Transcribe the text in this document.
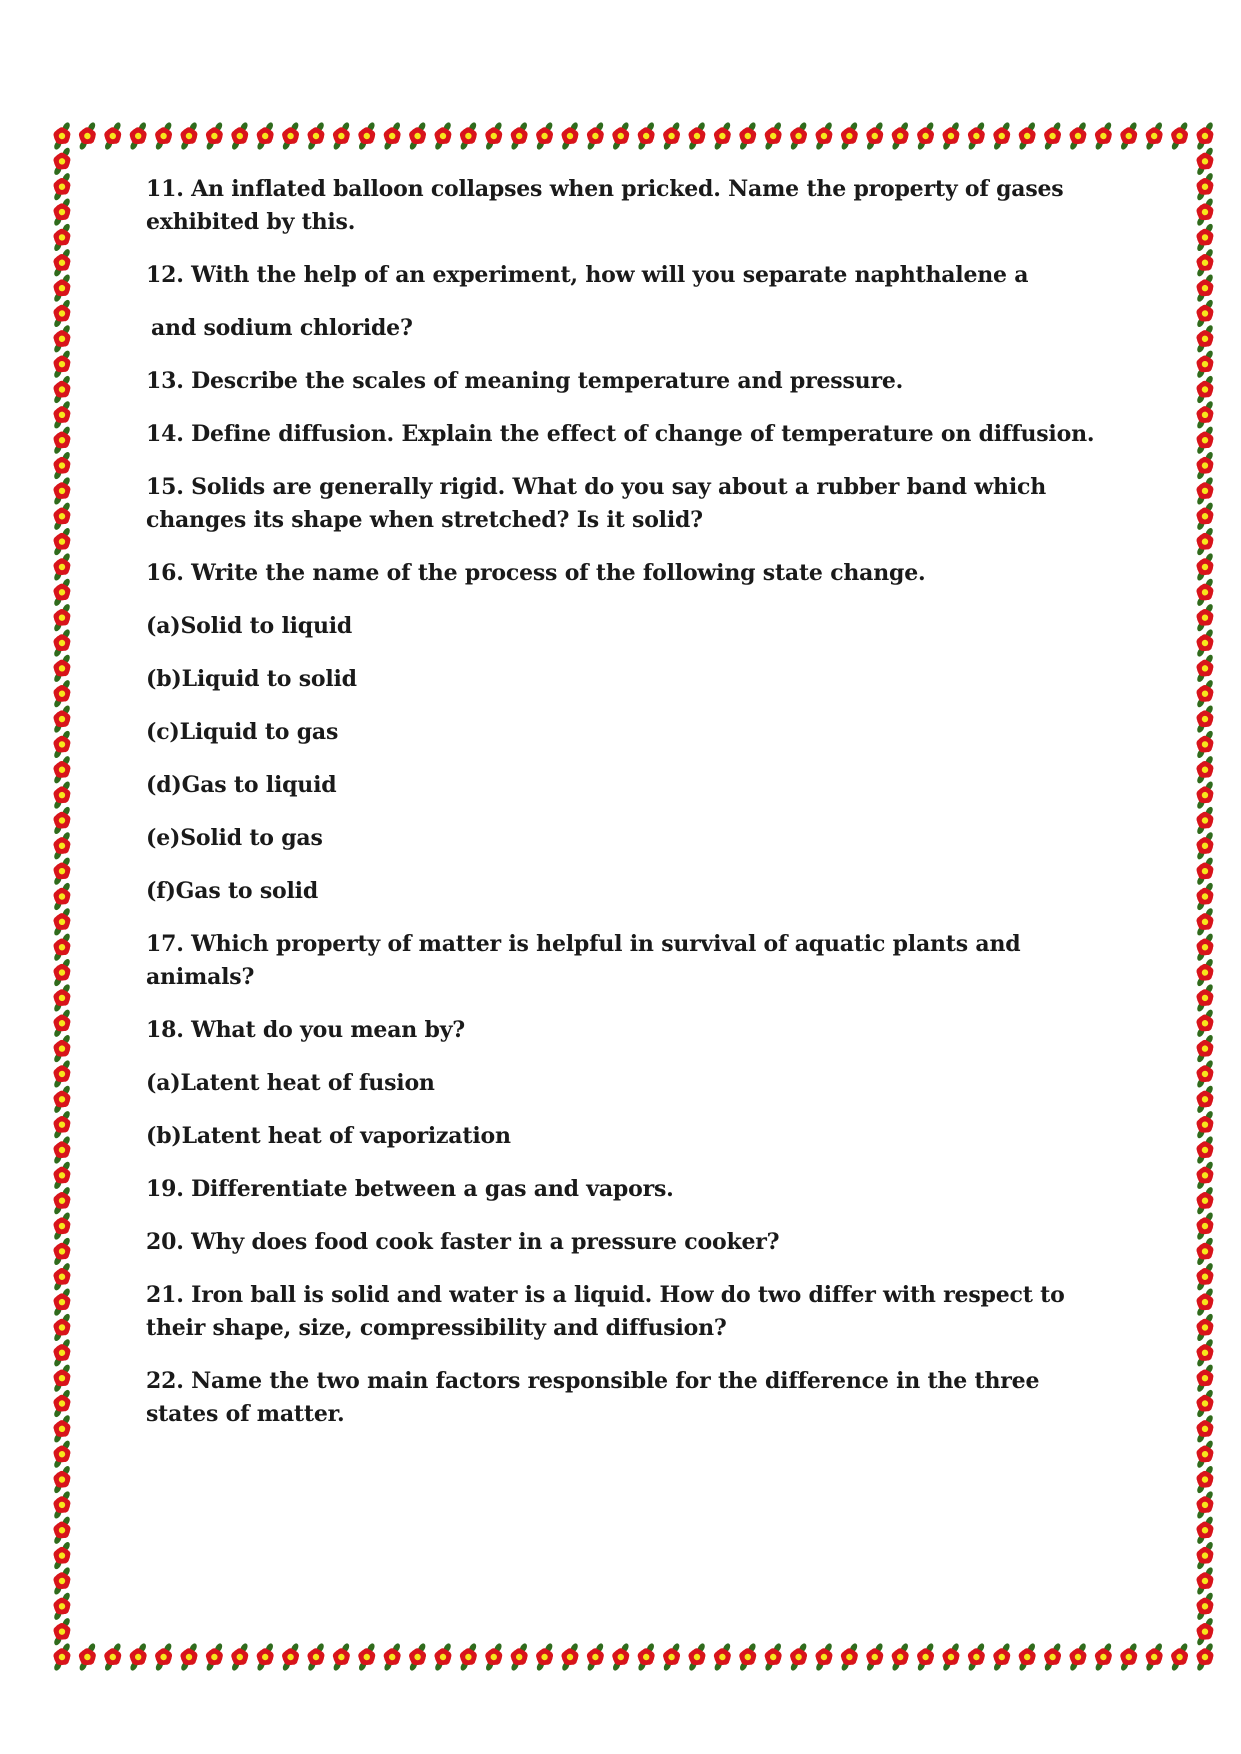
11. An inflated balloon collapses when pricked. Name the property of gases exhibited by this.

12. With the help of an experiment, how will you separate naphthalene a

and sodium chloride?

13. Describe the scales of meaning temperature and pressure.

14. Define diffusion. Explain the effect of change of temperature on diffusion.

15. Solids are generally rigid. What do you say about a rubber band which changes its shape when stretched? Is it solid?

16. Write the name of the process of the following state change.

(a)Solid to liquid

(b)Liquid to solid

(c)Liquid to gas

(d)Gas to liquid

(e)Solid to gas

(f)Gas to solid

17. Which property of matter is helpful in survival of aquatic plants and animals?

18. What do you mean by?

(a)Latent heat of fusion

(b)Latent heat of vaporization

19. Differentiate between a gas and vapors.

20. Why does food cook faster in a pressure cooker?

21. Iron ball is solid and water is a liquid. How do two differ with respect to their shape, size, compressibility and diffusion?

22. Name the two main factors responsible for the difference in the three states of matter.
